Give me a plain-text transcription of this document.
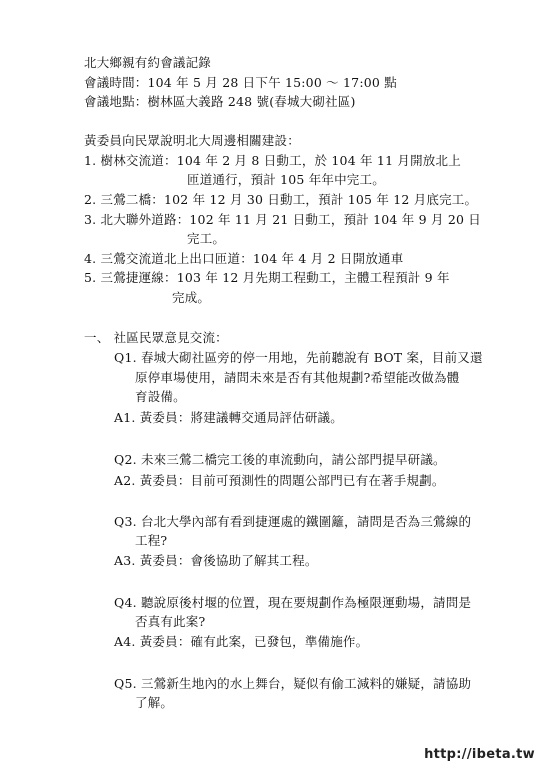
北大鄉親有約會議記錄
會議時間：104 年 5 月 28 日下午 15:00 ～ 17:00 點
會議地點：樹林區大義路 248 號(春城大砌社區)
黃委員向民眾說明北大周邊相關建設：
1. 樹林交流道：104 年 2 月 8 日動工，於 104 年 11 月開放北上
匝道通行，預計 105 年年中完工。
2. 三鶯二橋：102 年 12 月 30 日動工，預計 105 年 12 月底完工。
3. 北大聯外道路：102 年 11 月 21 日動工，預計 104 年 9 月 20 日
完工。
4. 三鶯交流道北上出口匝道：104 年 4 月 2 日開放通車
5. 三鶯捷運線：103 年 12 月先期工程動工，主體工程預計 9 年
完成。
一、 社區民眾意見交流：
Q1. 春城大砌社區旁的停一用地，先前聽說有 BOT 案，目前又還
原停車場使用，請問未來是否有其他規劃?希望能改做為體
育設備。
A1. 黃委員：將建議轉交通局評估研議。
Q2. 未來三鶯二橋完工後的車流動向，請公部門提早研議。
A2. 黃委員：目前可預測性的問題公部門已有在著手規劃。
Q3. 台北大學內部有看到捷運處的鐵圍籬，請問是否為三鶯線的
工程?
A3. 黃委員：會後協助了解其工程。
Q4. 聽說原後村堰的位置，現在要規劃作為極限運動場，請問是
否真有此案?
A4. 黃委員：確有此案，已發包，準備施作。
Q5. 三鶯新生地內的水上舞台，疑似有偷工減料的嫌疑，請協助
了解。
http://ibeta.tw
